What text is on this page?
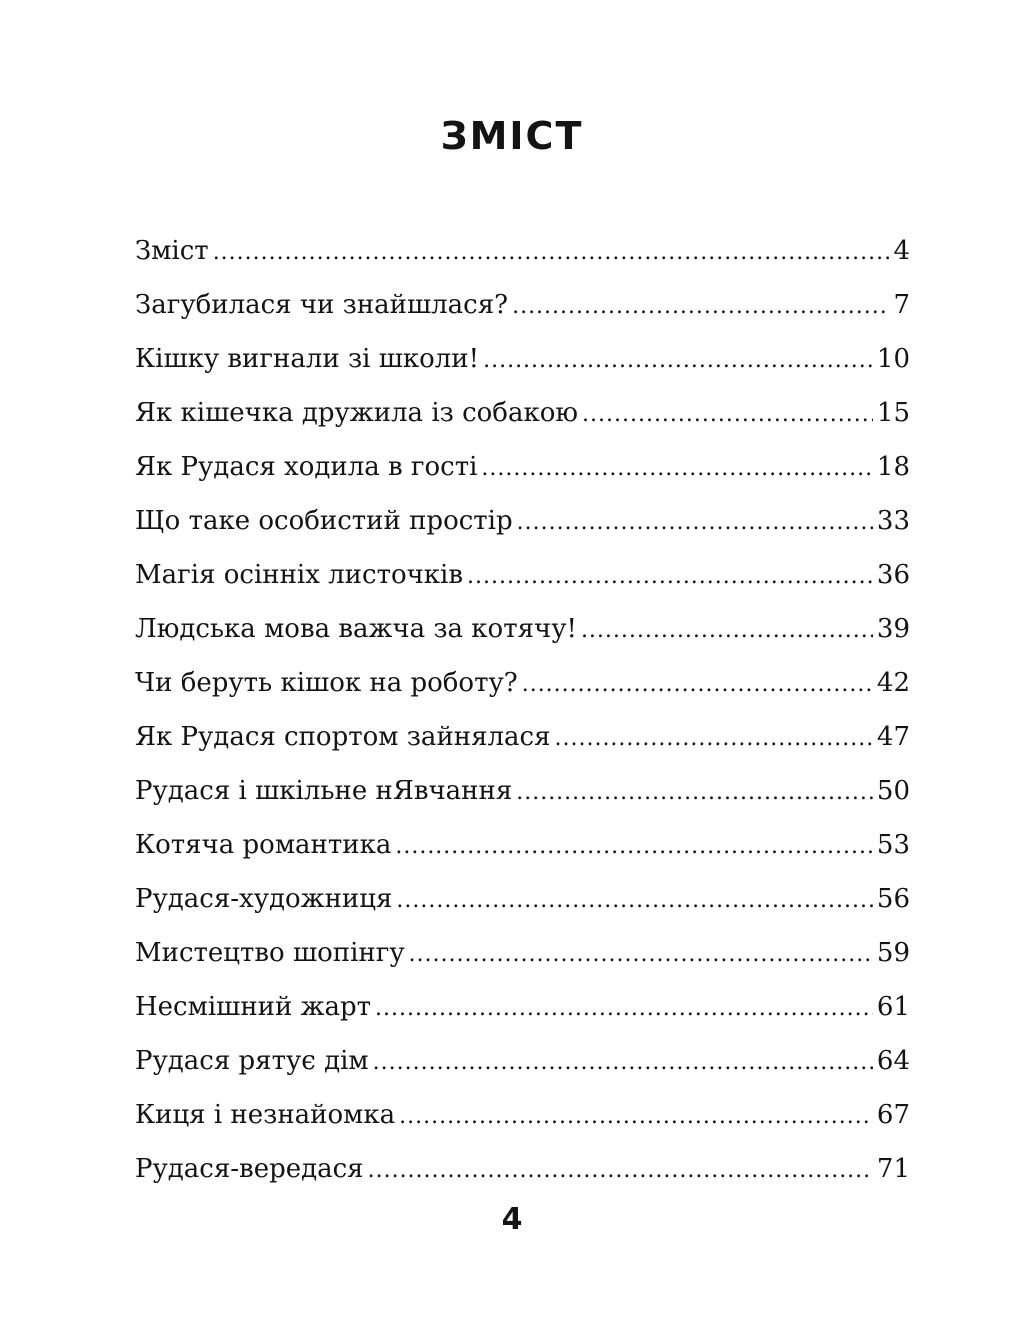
ЗМІСТ
Зміст .....	4
Загубилася чи знайшлася? .....	7
Кішку вигнали зі школи! .....	10
Як кішечка дружила із собакою .....	15
Як Рудася ходила в гості .....	18
Що таке особистий простір .....	33
Магія осінніх листочків .....	36
Людська мова важча за котячу! .....	39
Чи беруть кішок на роботу? .....	42
Як Рудася спортом зайнялася .....	47
Рудася і шкільне нЯвчання .....	50
Котяча романтика .....	53
Рудася-художниця .....	56
Мистецтво шопінгу .....	59
Несмішний жарт .....	61
Рудася рятує дім .....	64
Киця і незнайомка .....	67
Рудася-вередася .....	71
4
